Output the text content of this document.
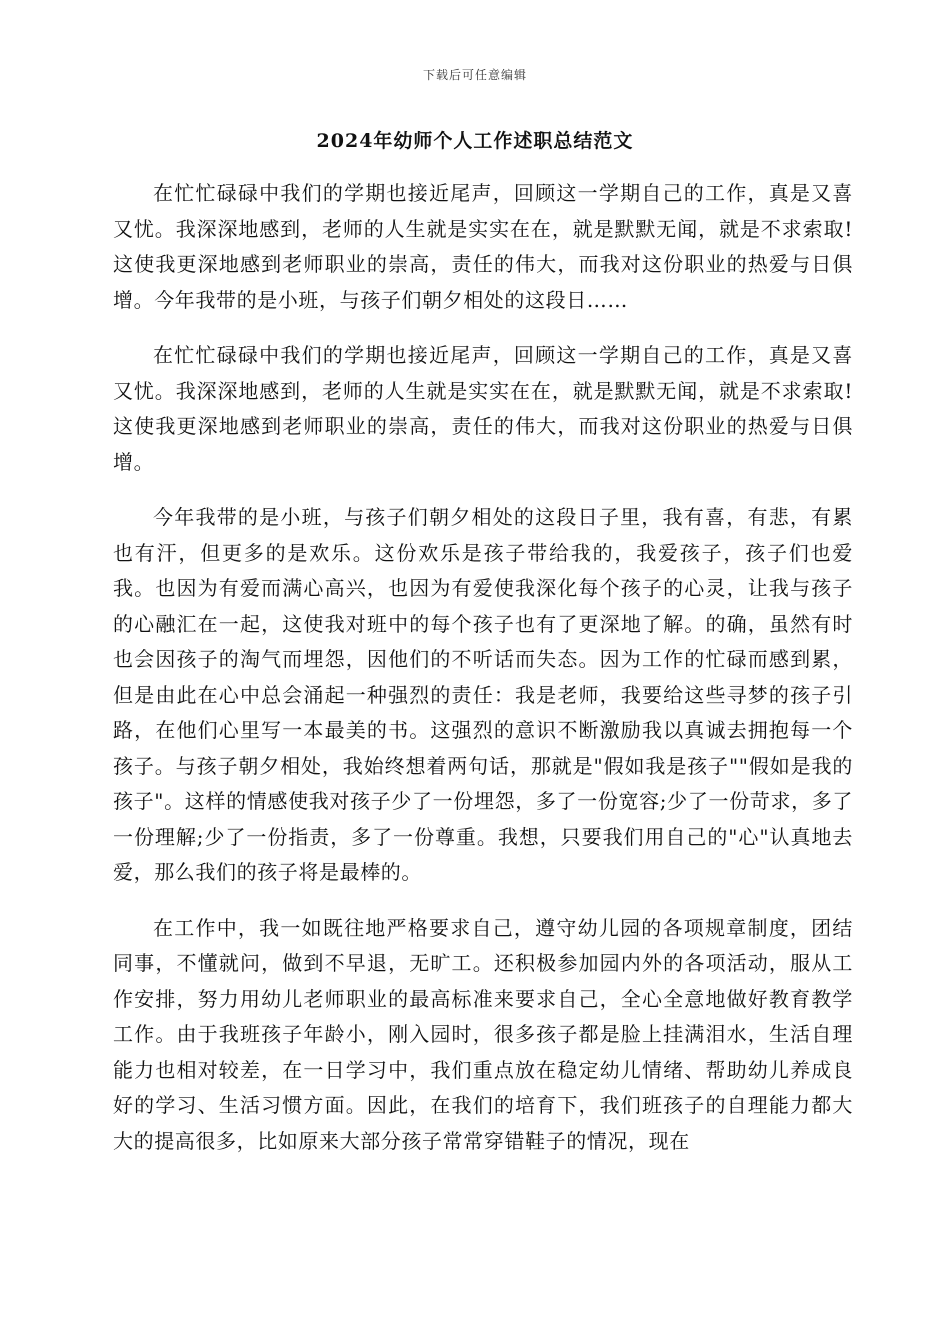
下载后可任意编辑
2024年幼师个人工作述职总结范文

在忙忙碌碌中我们的学期也接近尾声，回顾这一学期自己的工作，真是又喜又忧。我深深地感到，老师的人生就是实实在在，就是默默无闻，就是不求索取!这使我更深地感到老师职业的崇高，责任的伟大，而我对这份职业的热爱与日俱增。今年我带的是小班，与孩子们朝夕相处的这段日……

在忙忙碌碌中我们的学期也接近尾声，回顾这一学期自己的工作，真是又喜又忧。我深深地感到，老师的人生就是实实在在，就是默默无闻，就是不求索取!这使我更深地感到老师职业的崇高，责任的伟大，而我对这份职业的热爱与日俱增。

今年我带的是小班，与孩子们朝夕相处的这段日子里，我有喜，有悲，有累也有汗，但更多的是欢乐。这份欢乐是孩子带给我的，我爱孩子，孩子们也爱我。也因为有爱而满心高兴，也因为有爱使我深化每个孩子的心灵，让我与孩子的心融汇在一起，这使我对班中的每个孩子也有了更深地了解。的确，虽然有时也会因孩子的淘气而埋怨，因他们的不听话而失态。因为工作的忙碌而感到累，但是由此在心中总会涌起一种强烈的责任：我是老师，我要给这些寻梦的孩子引路，在他们心里写一本最美的书。这强烈的意识不断激励我以真诚去拥抱每一个孩子。与孩子朝夕相处，我始终想着两句话，那就是"假如我是孩子""假如是我的孩子"。这样的情感使我对孩子少了一份埋怨，多了一份宽容;少了一份苛求，多了一份理解;少了一份指责，多了一份尊重。我想，只要我们用自己的"心"认真地去爱，那么我们的孩子将是最棒的。

在工作中，我一如既往地严格要求自己，遵守幼儿园的各项规章制度，团结同事，不懂就问，做到不早退，无旷工。还积极参加园内外的各项活动，服从工作安排，努力用幼儿老师职业的最高标准来要求自己，全心全意地做好教育教学工作。由于我班孩子年龄小，刚入园时，很多孩子都是脸上挂满泪水，生活自理能力也相对较差，在一日学习中，我们重点放在稳定幼儿情绪、帮助幼儿养成良好的学习、生活习惯方面。因此，在我们的培育下，我们班孩子的自理能力都大大的提高很多，比如原来大部分孩子常常穿错鞋子的情况，现在
